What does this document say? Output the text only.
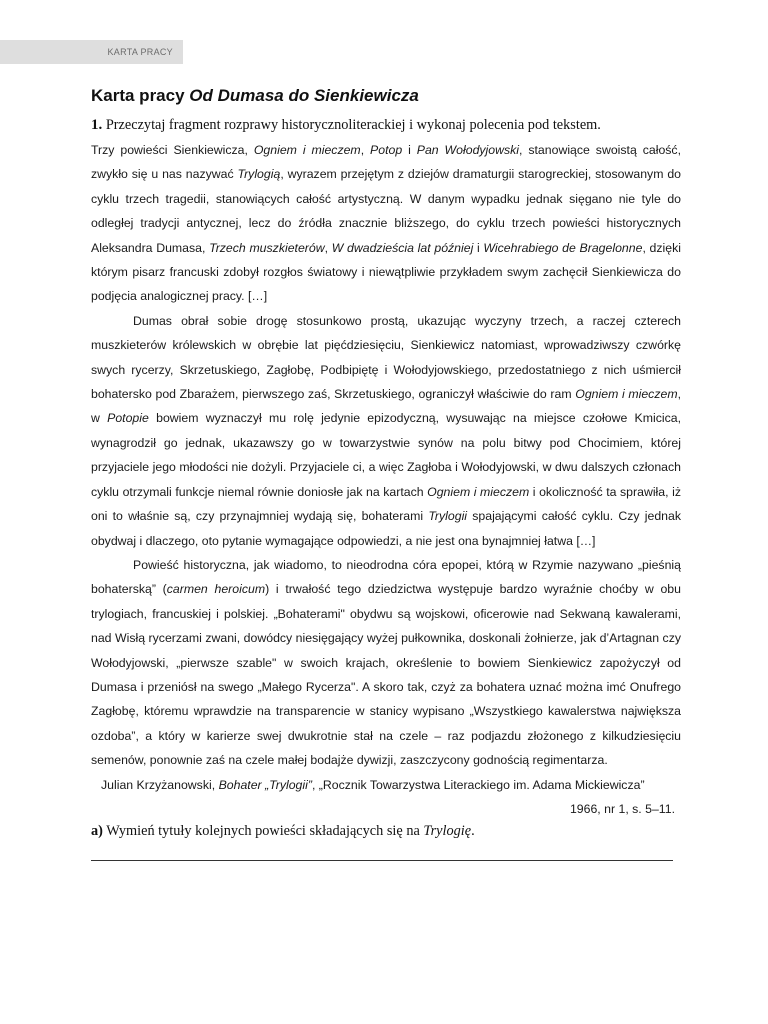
KARTA PRACY
Karta pracy Od Dumasa do Sienkiewicza
1. Przeczytaj fragment rozprawy historycznoliterackiej i wykonaj polecenia pod tekstem.

Trzy powieści Sienkiewicza, Ogniem i mieczem, Potop i Pan Wołodyjowski, stanowiące swoistą całość, zwykło się u nas nazywać Trylogią, wyrazem przejętym z dziejów dramaturgii starogreckiej, stosowanym do cyklu trzech tragedii, stanowiących całość artystyczną. W danym wypadku jednak sięgano nie tyle do odległej tradycji antycznej, lecz do źródła znacznie bliższego, do cyklu trzech powieści historycznych Aleksandra Dumasa, Trzech muszkieterów, W dwadzieścia lat później i Wicehrabiego de Bragelonne, dzięki którym pisarz francuski zdobył rozgłos światowy i niewątpliwie przykładem swym zachęcił Sienkiewicza do podjęcia analogicznej pracy. […]

Dumas obrał sobie drogę stosunkowo prostą, ukazując wyczyny trzech, a raczej czterech muszkieterów królewskich w obrębie lat pięćdziesięciu, Sienkiewicz natomiast, wprowadziwszy czwórkę swych rycerzy, Skrzetuskiego, Zagłobę, Podbipiętę i Wołodyjowskiego, przedostatniego z nich uśmiercił bohatersko pod Zbarażem, pierwszego zaś, Skrzetuskiego, ograniczył właściwie do ram Ogniem i mieczem, w Potopie bowiem wyznaczył mu rolę jedynie epizodyczną, wysuwając na miejsce czołowe Kmicica, wynagrodził go jednak, ukazawszy go w towarzystwie synów na polu bitwy pod Chocimiem, której przyjaciele jego młodości nie dożyli. Przyjaciele ci, a więc Zagłoba i Wołodyjowski, w dwu dalszych członach cyklu otrzymali funkcje niemal równie doniosłe jak na kartach Ogniem i mieczem i okoliczność ta sprawiła, iż oni to właśnie są, czy przynajmniej wydają się, bohaterami Trylogii spajającymi całość cyklu. Czy jednak obydwaj i dlaczego, oto pytanie wymagające odpowiedzi, a nie jest ona bynajmniej łatwa […]

Powieść historyczna, jak wiadomo, to nieodrodna córa epopei, którą w Rzymie nazywano „pieśnią bohaterską” (carmen heroicum) i trwałość tego dziedzictwa występuje bardzo wyraźnie choćby w obu trylogiach, francuskiej i polskiej. „Bohaterami" obydwu są wojskowi, oficerowie nad Sekwaną kawalerami, nad Wisłą rycerzami zwani, dowódcy niesięgający wyżej pułkownika, doskonali żołnierze, jak d’Artagnan czy Wołodyjowski, „pierwsze szable" w swoich krajach, określenie to bowiem Sienkiewicz zapożyczył od Dumasa i przeniósł na swego „Małego Rycerza". A skoro tak, czyż za bohatera uznać można imć Onufrego Zagłobę, któremu wprawdzie na transparencie w stanicy wypisano „Wszystkiego kawalerstwa największa ozdoba”, a który w karierze swej dwukrotnie stał na czele – raz podjazdu złożonego z kilkudziesięciu semenów, ponownie zaś na czele małej bodajże dywizji, zaszczycony godnością regimentarza.

Julian Krzyżanowski, Bohater „Trylogii”, „Rocznik Towarzystwa Literackiego im. Adama Mickiewicza”
1966, nr 1, s. 5–11.
a) Wymień tytuły kolejnych powieści składających się na Trylogię.
